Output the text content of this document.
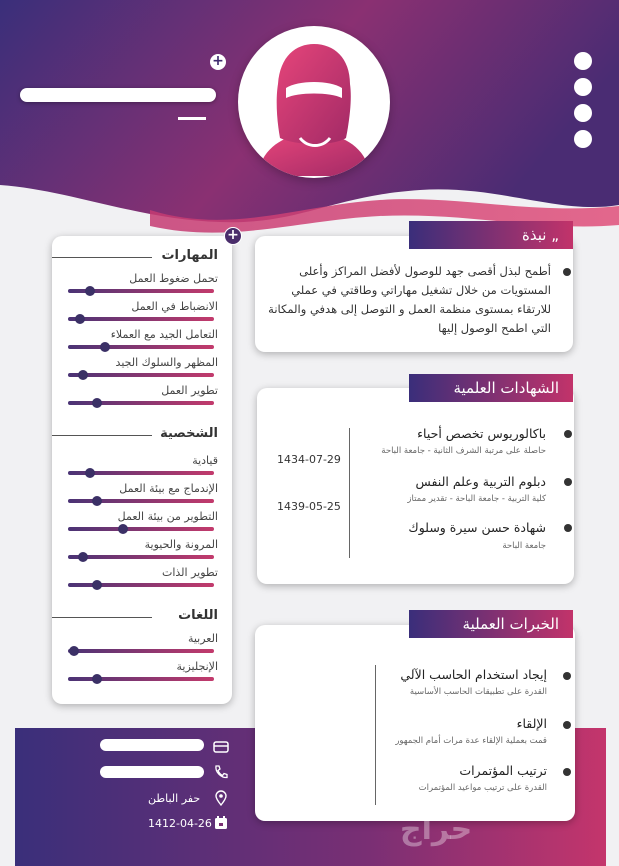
+
المهارات
تحمل ضغوط العمل
الانضباط في العمل
التعامل الجيد مع العملاء
المظهر والسلوك الجيد
تطوير العمل
الشخصية
قيادية
الإندماج مع بيئة العمل
التطوير من بيئة العمل
المرونة والحيوية
تطوير الذات
اللغات
العربية
الإنجليزية
+
أطمح لبذل أقصى جهد للوصول لأفضل المراكز وأعلى المستويات من خلال تشغيل مهاراتي وطاقتي في عملي للارتقاء بمستوى منظمة العمل و التوصل إلى هدفي والمكانة التي اطمح الوصول إليها
نبذة „
باكالوريوس تخصص أحياء
حاصلة على مرتبة الشرف الثانية - جامعة الباحة
1434-07-29
دبلوم التربية وعلم النفس
كلية التربية - جامعة الباحة - تقدير ممتاز
1439-05-25
شهادة حسن سيرة وسلوك
جامعة الباحة
الشهادات العلمية
إيجاد استخدام الحاسب الآلي
القدرة على تطبيقات الحاسب الأساسية
الإلقاء
قمت بعملية الإلقاء عدة مرات أمام الجمهور
ترتيب المؤتمرات
القدرة على ترتيب مواعيد المؤتمرات
الخبرات العملية
حفر الباطن
1412-04-26	حراج
